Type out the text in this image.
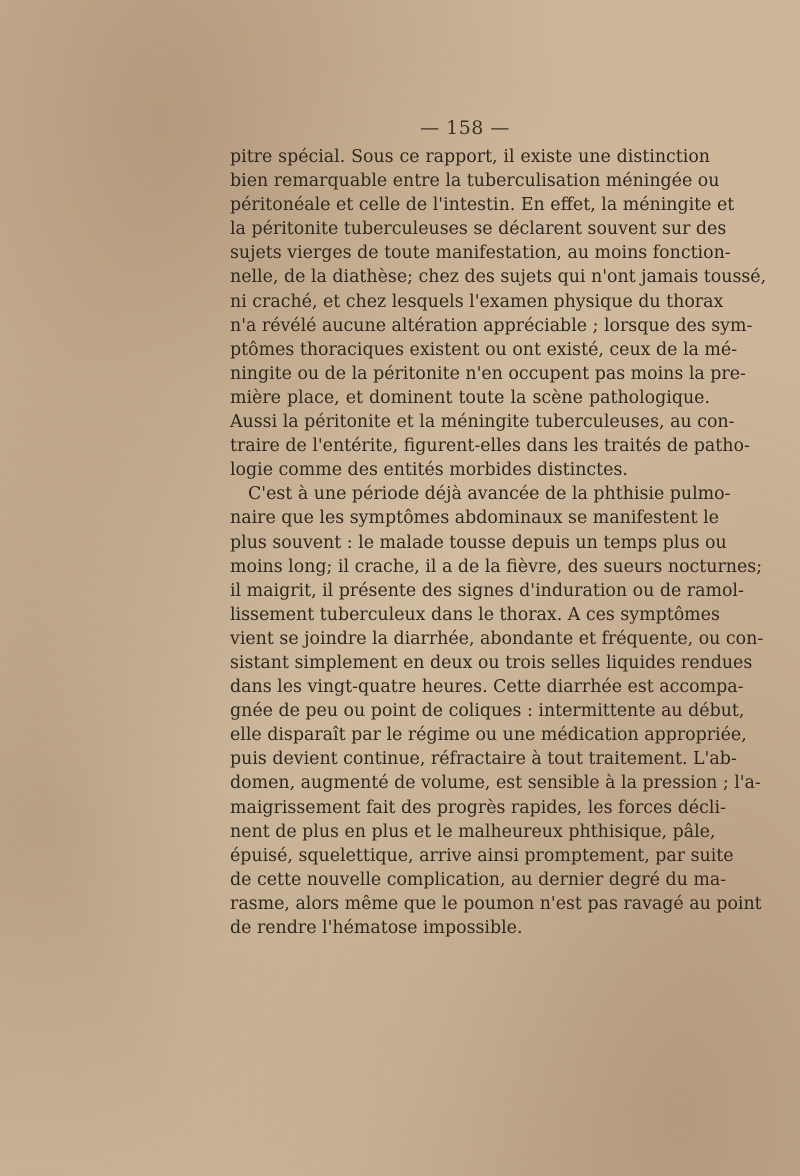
— 158 —
pitre spécial. Sous ce rapport, il existe une distinction
bien remarquable entre la tuberculisation méningée ou
péritonéale et celle de l'intestin. En effet, la méningite et
la péritonite tuberculeuses se déclarent souvent sur des
sujets vierges de toute manifestation, au moins fonction-
nelle, de la diathèse; chez des sujets qui n'ont jamais toussé,
ni craché, et chez lesquels l'examen physique du thorax
n'a révélé aucune altération appréciable ; lorsque des sym-
ptômes thoraciques existent ou ont existé, ceux de la mé-
ningite ou de la péritonite n'en occupent pas moins la pre-
mière place, et dominent toute la scène pathologique.
Aussi la péritonite et la méningite tuberculeuses, au con-
traire de l'entérite, figurent-elles dans les traités de patho-
logie comme des entités morbides distinctes.
C'est à une période déjà avancée de la phthisie pulmo-
naire que les symptômes abdominaux se manifestent le
plus souvent : le malade tousse depuis un temps plus ou
moins long; il crache, il a de la fièvre, des sueurs nocturnes;
il maigrit, il présente des signes d'induration ou de ramol-
lissement tuberculeux dans le thorax. A ces symptômes
vient se joindre la diarrhée, abondante et fréquente, ou con-
sistant simplement en deux ou trois selles liquides rendues
dans les vingt-quatre heures. Cette diarrhée est accompa-
gnée de peu ou point de coliques : intermittente au début,
elle disparaît par le régime ou une médication appropriée,
puis devient continue, réfractaire à tout traitement. L'ab-
domen, augmenté de volume, est sensible à la pression ; l'a-
maigrissement fait des progrès rapides, les forces décli-
nent de plus en plus et le malheureux phthisique, pâle,
épuisé, squelettique, arrive ainsi promptement, par suite
de cette nouvelle complication, au dernier degré du ma-
rasme, alors même que le poumon n'est pas ravagé au point
de rendre l'hématose impossible.
